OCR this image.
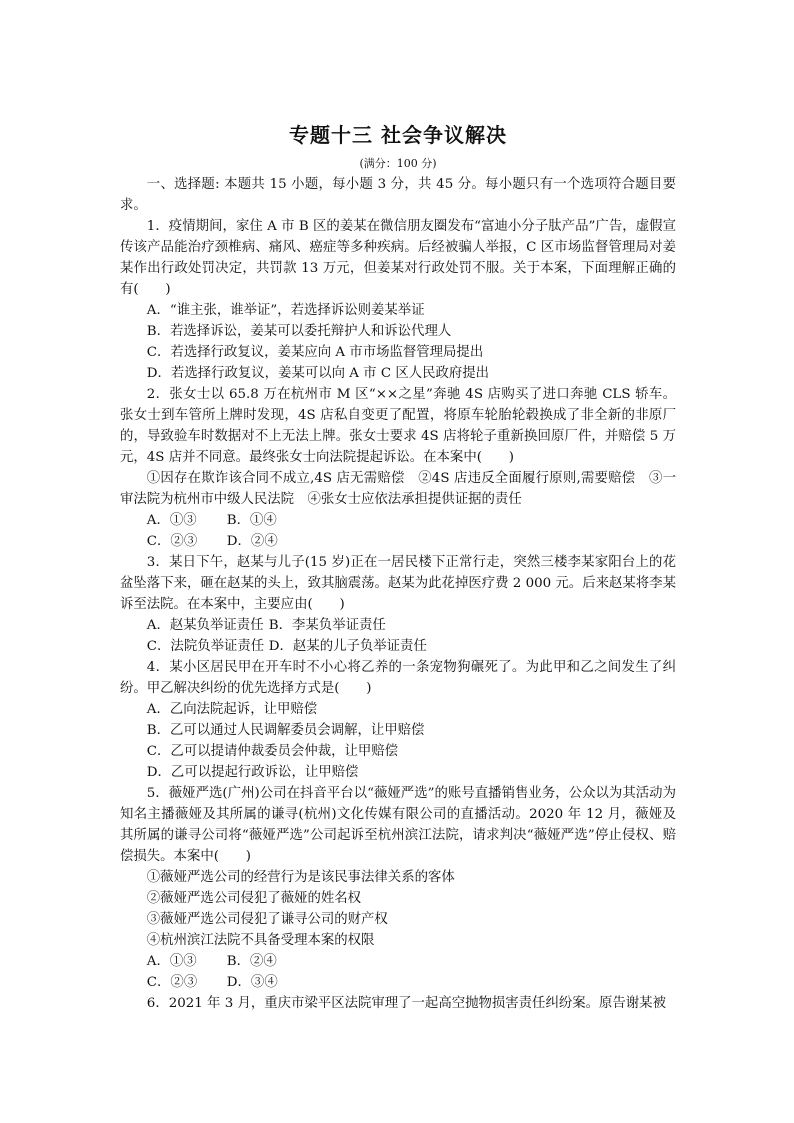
专题十三 社会争议解决
(满分：100 分)

一、选择题: 本题共 15 小题，每小题 3 分，共 45 分。每小题只有一个选项符合题目要求。

1．疫情期间，家住 A 市 B 区的姜某在微信朋友圈发布“富迪小分子肽产品”广告，虚假宣传该产品能治疗颈椎病、痛风、癌症等多种疾病。后经被骗人举报，C 区市场监督管理局对姜某作出行政处罚决定，共罚款 13 万元，但姜某对行政处罚不服。关于本案，下面理解正确的有(　　)

A．“谁主张，谁举证”，若选择诉讼则姜某举证

B．若选择诉讼，姜某可以委托辩护人和诉讼代理人

C．若选择行政复议，姜某应向 A 市市场监督管理局提出

D．若选择行政复议，姜某可以向 A 市 C 区人民政府提出

2．张女士以 65.8 万在杭州市 M 区“××之星”奔驰 4S 店购买了进口奔驰 CLS 轿车。张女士到车管所上牌时发现，4S 店私自变更了配置，将原车轮胎轮毂换成了非全新的非原厂的，导致验车时数据对不上无法上牌。张女士要求 4S 店将轮子重新换回原厂件，并赔偿 5 万元，4S 店并不同意。最终张女士向法院提起诉讼。在本案中(　　)

①因存在欺诈该合同不成立,4S 店无需赔偿　②4S 店违反全面履行原则,需要赔偿　③一审法院为杭州市中级人民法院　④张女士应依法承担提供证据的责任

A．①③	B．①④
C．②③	D．②④

3．某日下午，赵某与儿子(15 岁)正在一居民楼下正常行走，突然三楼李某家阳台上的花盆坠落下来，砸在赵某的头上，致其脑震荡。赵某为此花掉医疗费 2 000 元。后来赵某将李某诉至法院。在本案中，主要应由(　　)

A．赵某负举证责任 B．李某负举证责任
C．法院负举证责任 D．赵某的儿子负举证责任

4．某小区居民甲在开车时不小心将乙养的一条宠物狗碾死了。为此甲和乙之间发生了纠纷。甲乙解决纠纷的优先选择方式是(　　)

A．乙向法院起诉，让甲赔偿

B．乙可以通过人民调解委员会调解，让甲赔偿

C．乙可以提请仲裁委员会仲裁，让甲赔偿

D．乙可以提起行政诉讼，让甲赔偿

5．薇娅严选(广州)公司在抖音平台以“薇娅严选”的账号直播销售业务，公众以为其活动为知名主播薇娅及其所属的谦寻(杭州)文化传媒有限公司的直播活动。2020 年 12 月，薇娅及其所属的谦寻公司将“薇娅严选”公司起诉至杭州滨江法院，请求判决“薇娅严选”停止侵权、赔偿损失。本案中(　　)

①薇娅严选公司的经营行为是该民事法律关系的客体

②薇娅严选公司侵犯了薇娅的姓名权

③薇娅严选公司侵犯了谦寻公司的财产权

④杭州滨江法院不具备受理本案的权限

A．①③	B．②④
C．②③	D．③④

6．2021 年 3 月，重庆市梁平区法院审理了一起高空抛物损害责任纠纷案。原告谢某被
